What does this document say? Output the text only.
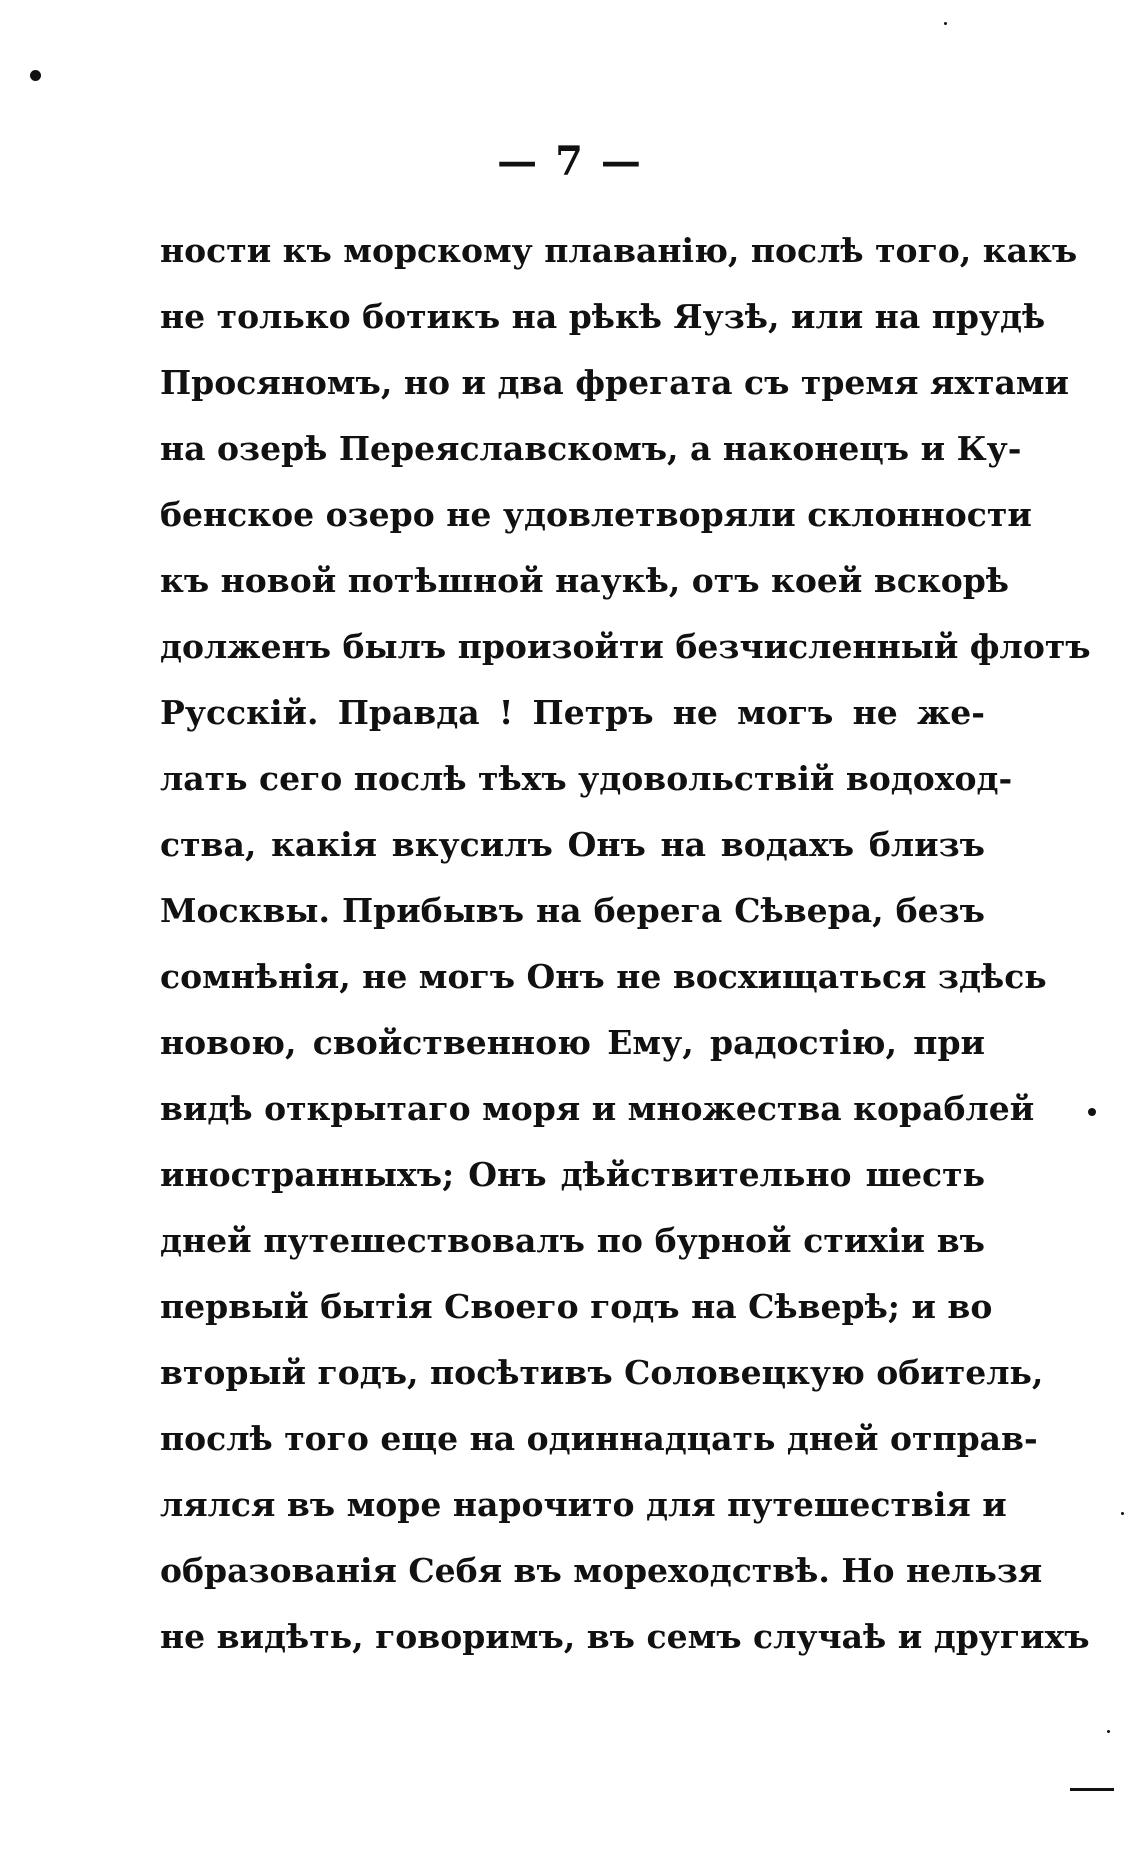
— 7 —
ности къ морскому плаванію, послѣ того, какъ
не только ботикъ на рѣкѣ Яузѣ, или на прудѣ
Просяномъ, но и два фрегата съ тремя яхтами
на озерѣ Переяславскомъ, а наконецъ и Ку-
бенское озеро не удовлетворяли склонности
къ новой потѣшной наукѣ, отъ коей вскорѣ
долженъ былъ произойти безчисленный флотъ
Русскій. Правда ! Петръ не могъ не же-
лать сего послѣ тѣхъ удовольствій водоход-
ства, какія вкусилъ Онъ на водахъ близъ
Москвы. Прибывъ на берега Сѣвера, безъ
сомнѣнія, не могъ Онъ не восхищаться здѣсь
новою, свойственною Ему, радостію, при
видѣ открытаго моря и множества кораблей
иностранныхъ; Онъ дѣйствительно шесть
дней путешествовалъ по бурной стихіи въ
первый бытія Своего годъ на Сѣверѣ; и во
вторый годъ, посѣтивъ Соловецкую обитель,
послѣ того еще на одиннадцать дней отправ-
лялся въ море нарочито для путешествія и
образованія Себя въ мореходствѣ. Но нельзя
не видѣть, говоримъ, въ семъ случаѣ и другихъ
